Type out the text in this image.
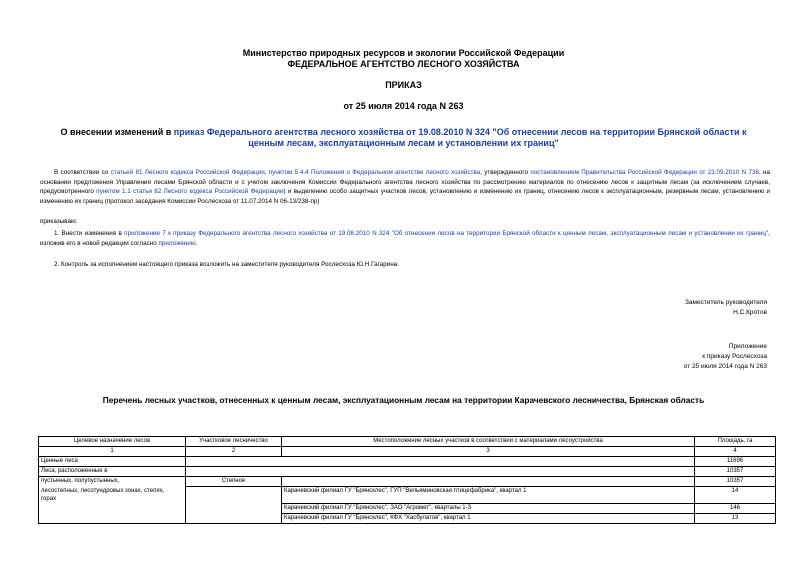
Министерство природных ресурсов и экологии Российской Федерации
ФЕДЕРАЛЬНОЕ АГЕНТСТВО ЛЕСНОГО ХОЗЯЙСТВА
ПРИКАЗ
от 25 июля 2014 года N 263
О внесении изменений в приказ Федерального агентства лесного хозяйства от 19.08.2010 N 324 "Об отнесении лесов на территории Брянской области к ценным лесам, эксплуатационным лесам и установлении их границ"
В соответствии со статьей 81 Лесного кодекса Российской Федерации, пунктом 5.4.4 Положения о Федеральном агентстве лесного хозяйства, утвержденного постановлением Правительства Российской Федерации от 23.09.2010 N 736, на основании предложения Управления лесами Брянской области и с учетом заключения Комиссии Федерального агентства лесного хозяйства по рассмотрению материалов по отнесению лесов к защитным лесам (за исключением случаев, предусмотренного пунктом 1.1 статьи 82 Лесного кодекса Российской Федерации) и выделению особо защитных участков лесов, установлению и изменению их границ, отнесению лесов к эксплуатационным, резервным лесам, установлению и изменению их границ (протокол заседания Комиссии Рослесхоза от 11.07.2014 N 06-13/238-пр)
приказываю:
1. Внести изменения в приложение 7 к приказу Федерального агентства лесного хозяйства от 19.08.2010 N 324 "Об отнесении лесов на территории Брянской области к ценным лесам, эксплуатационным лесам и установлении их границ", изложив его в новой редакции согласно приложению.
2. Контроль за исполнением настоящего приказа возложить на заместителя руководителя Рослесхоза Ю.Н.Гагарина.
Заместитель руководителя
Н.С.Кротов
Приложение
к приказу Рослесхоза
от 25 июля 2014 года N 263
Перечень лесных участков, отнесенных к ценным лесам, эксплуатационным лесам на территории Карачевского лесничества, Брянская область
Целевое назначение лесов	Участковое лесничество	Местоположение лесных участков в соответствии с материалами лесоустройства	Площадь, га
1	2	3	4
Ценные леса			11696
Леса, расположенные в			10357
пустынных, полупустынных,	Степное		10357

лесостепных, лесотундровых зонах, степях,
горах		Карачевский филиал ГУ "Брянсклес", ГУП "Вельяминовская птицефабрика", квартал 1	14
		Карачевский филиал ГУ "Брянсклес", ЗАО "Агромет", кварталы 1-3	146
		Карачевский филиал ГУ "Брянсклес", КФХ "Хасбулатов", квартал 1	13
